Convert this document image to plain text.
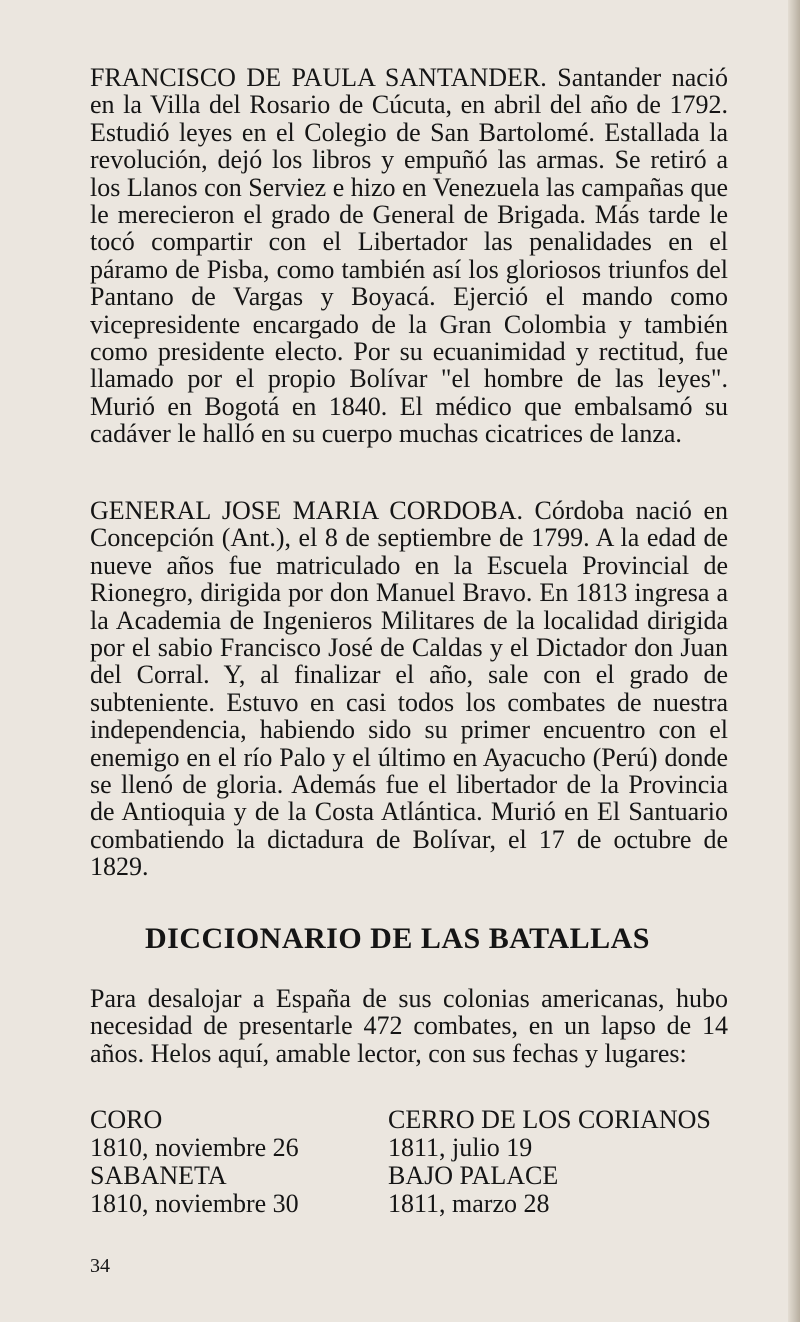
FRANCISCO DE PAULA SANTANDER. Santander nació en la Villa del Rosario de Cúcuta, en abril del año de 1792. Estudió leyes en el Colegio de San Bartolomé. Estallada la revolución, dejó los libros y empuñó las armas. Se retiró a los Llanos con Serviez e hizo en Venezuela las campañas que le merecieron el grado de General de Brigada. Más tarde le tocó compartir con el Libertador las penalidades en el páramo de Pisba, como también así los gloriosos triunfos del Pantano de Vargas y Boyacá. Ejerció el mando como vicepresidente encargado de la Gran Colombia y también como presidente electo. Por su ecuanimidad y rectitud, fue llamado por el propio Bolívar "el hombre de las leyes". Murió en Bogotá en 1840. El médico que embalsamó su cadáver le halló en su cuerpo muchas cicatrices de lanza.

GENERAL JOSE MARIA CORDOBA. Córdoba nació en Concepción (Ant.), el 8 de septiembre de 1799. A la edad de nueve años fue matriculado en la Escuela Provincial de Rionegro, dirigida por don Manuel Bravo. En 1813 ingresa a la Academia de Ingenieros Militares de la localidad dirigida por el sabio Francisco José de Caldas y el Dictador don Juan del Corral. Y, al finalizar el año, sale con el grado de subteniente. Estuvo en casi todos los combates de nuestra independencia, habiendo sido su primer encuentro con el enemigo en el río Palo y el último en Ayacucho (Perú) donde se llenó de gloria. Además fue el libertador de la Provincia de Antioquia y de la Costa Atlántica. Murió en El Santuario combatiendo la dictadura de Bolívar, el 17 de octubre de 1829.

DICCIONARIO DE LAS BATALLAS

Para desalojar a España de sus colonias americanas, hubo necesidad de presentarle 472 combates, en un lapso de 14 años. Helos aquí, amable lector, con sus fechas y lugares:

CORO
1810, noviembre 26
SABANETA
1810, noviembre 30
CERRO DE LOS CORIANOS
1811, julio 19
BAJO PALACE
1811, marzo 28
34
